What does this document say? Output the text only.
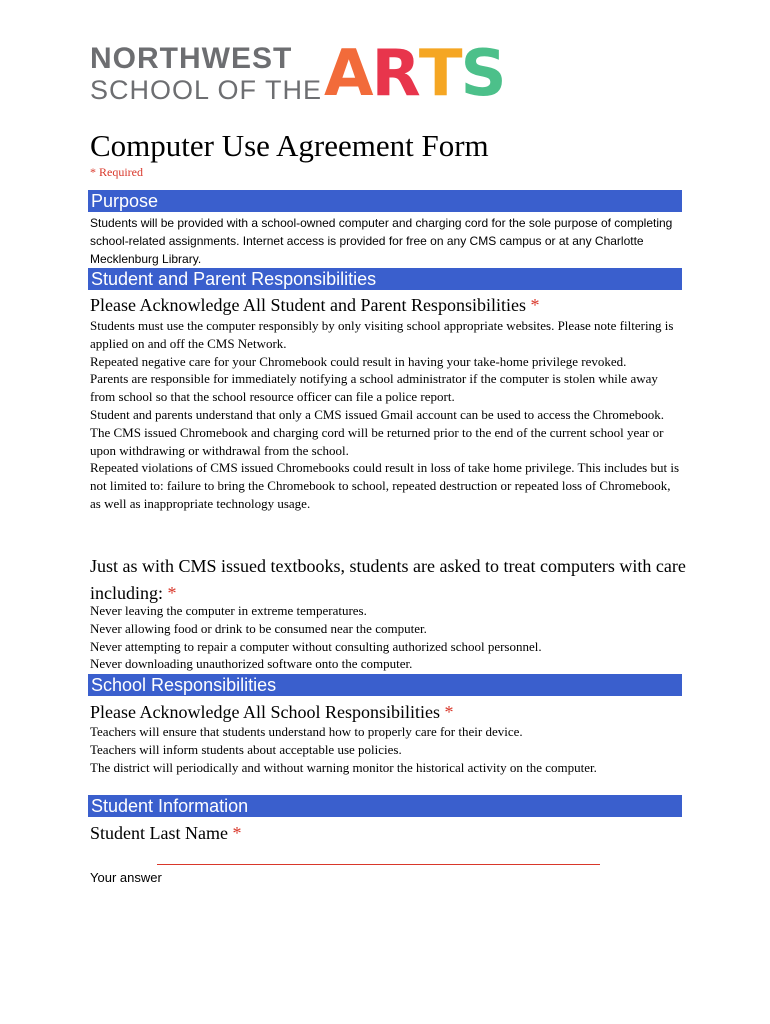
NORTHWEST
SCHOOL OF THE A R T S
Computer Use Agreement Form
* Required
Purpose

Students will be provided with a school-owned computer and charging cord for the sole purpose of completing school-related assignments. Internet access is provided for free on any CMS campus or at any Charlotte Mecklenburg Library.

Student and Parent Responsibilities
Please Acknowledge All Student and Parent Responsibilities *
Students must use the computer responsibly by only visiting school appropriate websites. Please note filtering is applied on and off the CMS Network.
Repeated negative care for your Chromebook could result in having your take-home privilege revoked.
Parents are responsible for immediately notifying a school administrator if the computer is stolen while away from school so that the school resource officer can file a police report.
Student and parents understand that only a CMS issued Gmail account can be used to access the Chromebook.
The CMS issued Chromebook and charging cord will be returned prior to the end of the current school year or upon withdrawing or withdrawal from the school.
Repeated violations of CMS issued Chromebooks could result in loss of take home privilege. This includes but is not limited to: failure to bring the Chromebook to school, repeated destruction or repeated loss of Chromebook, as well as inappropriate technology usage.
Just as with CMS issued textbooks, students are asked to treat computers with care including: *
Never leaving the computer in extreme temperatures.
Never allowing food or drink to be consumed near the computer.
Never attempting to repair a computer without consulting authorized school personnel.
Never downloading unauthorized software onto the computer.
School Responsibilities
Please Acknowledge All School Responsibilities *
Teachers will ensure that students understand how to properly care for their device.
Teachers will inform students about acceptable use policies.
The district will periodically and without warning monitor the historical activity on the computer.
Student Information
Student Last Name *
Your answer
